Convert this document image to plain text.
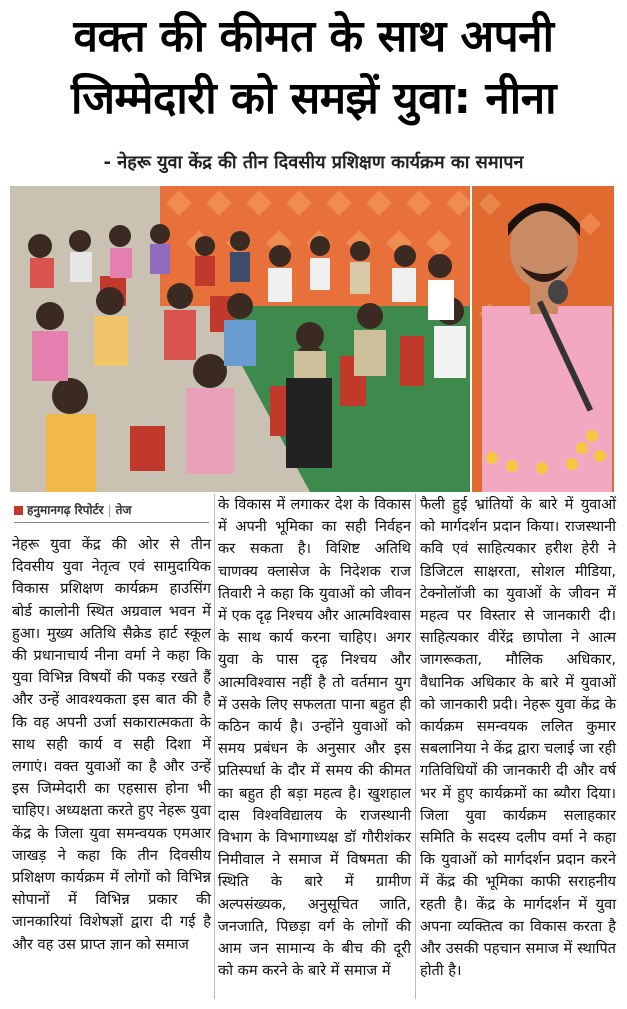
वक्त की कीमत के साथ अपनी
जिम्मेदारी को समझें युवा: नीना
- नेहरू युवा केंद्र की तीन दिवसीय प्रशिक्षण कार्यक्रम का समापन
हनुमानगढ़ रिपोर्टर | तेज
नेहरू युवा केंद्र की ओर से तीन दिवसीय युवा नेतृत्व एवं सामुदायिक विकास प्रशिक्षण कार्यक्रम हाउसिंग बोर्ड कालोनी स्थित अग्रवाल भवन में हुआ। मुख्य अतिथि सैक्रेड हार्ट स्कूल की प्रधानाचार्य नीना वर्मा ने कहा कि युवा विभिन्न विषयों की पकड़ रखते हैं और उन्हें आवश्यकता इस बात की है कि वह अपनी उर्जा सकारात्मकता के साथ सही कार्य व सही दिशा में लगाएं। वक्त युवाओं का है और उन्हें इस जिम्मेदारी का एहसास होना भी चाहिए। अध्यक्षता करते हुए नेहरू युवा केंद्र के जिला युवा समन्वयक एमआर जाखड़ ने कहा कि तीन दिवसीय प्रशिक्षण कार्यक्रम में लोगों को विभिन्न सोपानों में विभिन्न प्रकार की जानकारियां विशेषज्ञों द्वारा दी गई है और वह उस प्राप्त ज्ञान को समाज
के विकास में लगाकर देश के विकास में अपनी भूमिका का सही निर्वहन कर सकता है। विशिष्ट अतिथि चाणक्य क्लासेज के निदेशक राज तिवारी ने कहा कि युवाओं को जीवन में एक दृढ़ निश्चय और आत्मविश्वास के साथ कार्य करना चाहिए। अगर युवा के पास दृढ़ निश्चय और आत्मविश्वास नहीं है तो वर्तमान युग में उसके लिए सफलता पाना बहुत ही कठिन कार्य है। उन्होंने युवाओं को समय प्रबंधन के अनुसार और इस प्रतिस्पर्धा के दौर में समय की कीमत का बहुत ही बड़ा महत्व है। खुशहाल दास विश्वविद्यालय के राजस्थानी विभाग के विभागाध्यक्ष डॉ गौरीशंकर निमीवाल ने समाज में विषमता की स्थिति के बारे में ग्रामीण अल्पसंख्यक, अनुसूचित जाति, जनजाति, पिछड़ा वर्ग के लोगों की आम जन सामान्य के बीच की दूरी को कम करने के बारे में समाज में
फैली हुई भ्रांतियों के बारे में युवाओं को मार्गदर्शन प्रदान किया। राजस्थानी कवि एवं साहित्यकार हरीश हेरी ने डिजिटल साक्षरता, सोशल मीडिया, टेक्नोलॉजी का युवाओं के जीवन में महत्व पर विस्तार से जानकारी दी। साहित्यकार वीरेंद्र छापोला ने आत्म जागरूकता, मौलिक अधिकार, वैधानिक अधिकार के बारे में युवाओं को जानकारी प्रदी। नेहरू युवा केंद्र के कार्यक्रम समन्वयक ललित कुमार सबलानिया ने केंद्र द्वारा चलाई जा रही गतिविधियों की जानकारी दी और वर्ष भर में हुए कार्यक्रमों का ब्यौरा दिया। जिला युवा कार्यक्रम सलाहकार समिति के सदस्य दलीप वर्मा ने कहा कि युवाओं को मार्गदर्शन प्रदान करने में केंद्र की भूमिका काफी सराहनीय रहती है। केंद्र के मार्गदर्शन में युवा अपना व्यक्तित्व का विकास करता है और उसकी पहचान समाज में स्थापित होती है।
